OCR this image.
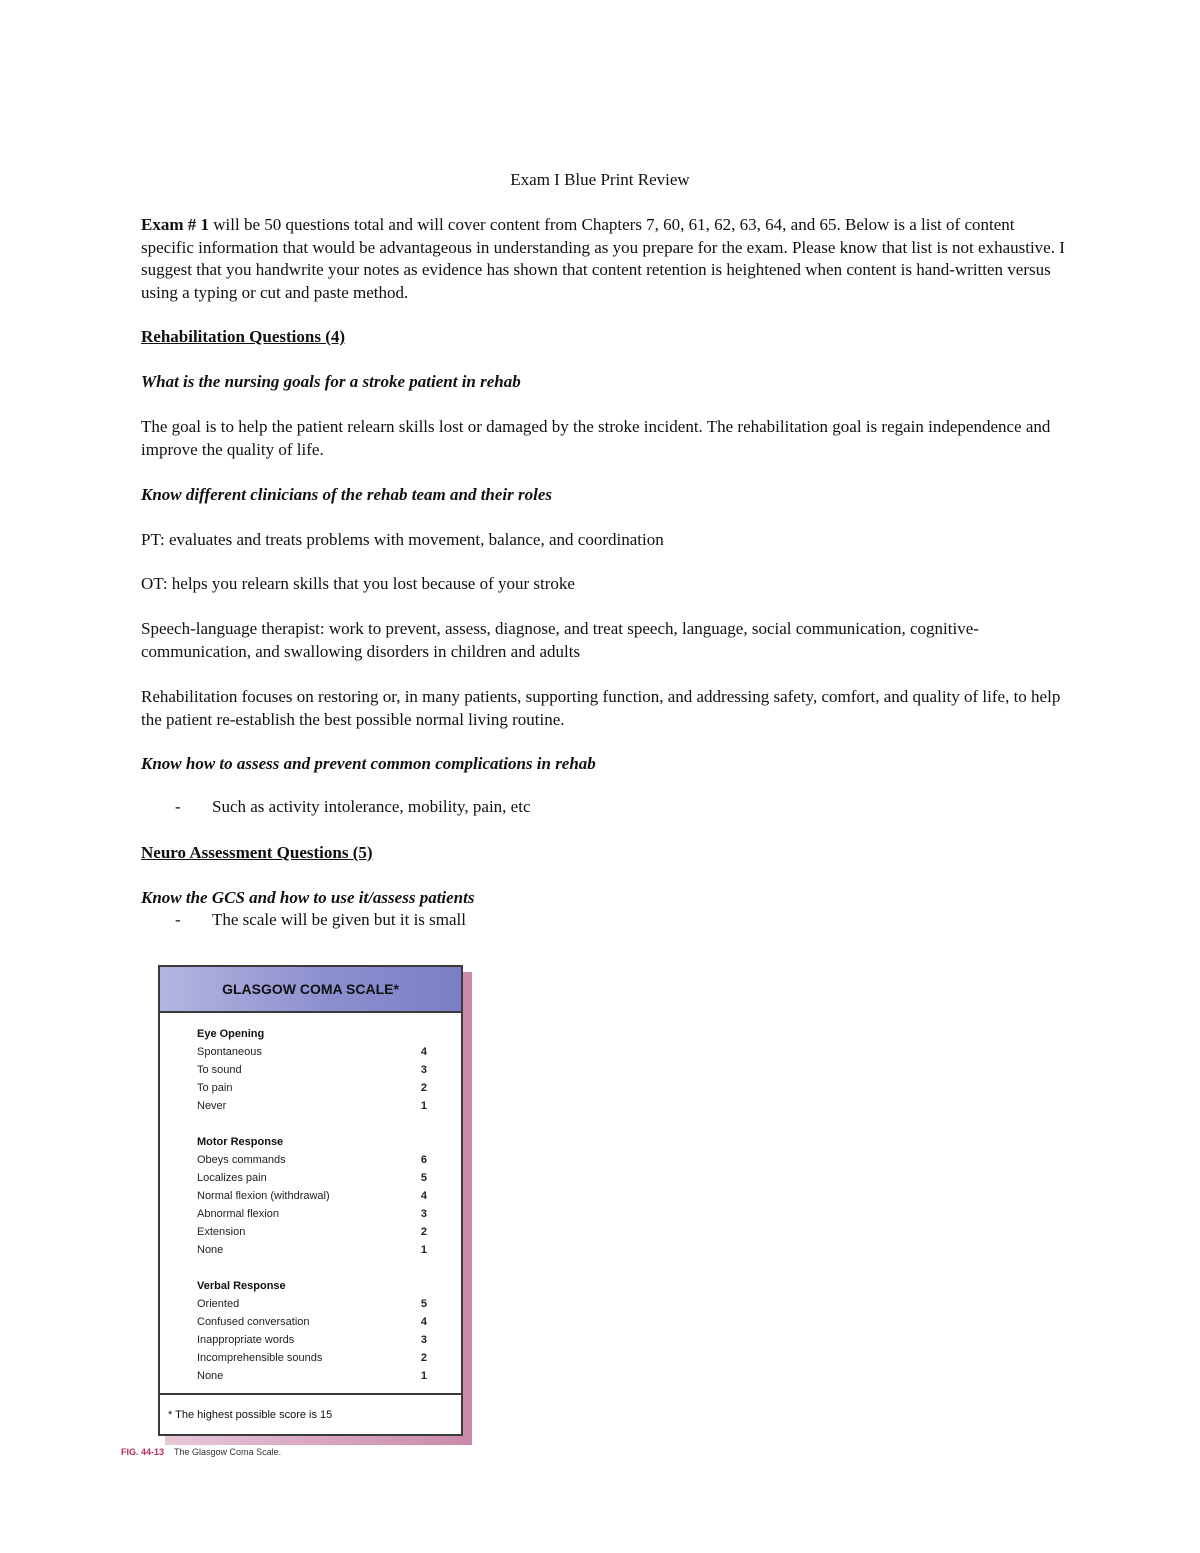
Exam I Blue Print Review
Exam # 1 will be 50 questions total and will cover content from Chapters 7, 60, 61, 62, 63, 64, and 65. Below is a list of content specific information that would be advantageous in understanding as you prepare for the exam. Please know that list is not exhaustive. I suggest that you handwrite your notes as evidence has shown that content retention is heightened when content is hand-written versus using a typing or cut and paste method.
Rehabilitation Questions (4)
What is the nursing goals for a stroke patient in rehab
The goal is to help the patient relearn skills lost or damaged by the stroke incident. The rehabilitation goal is regain independence and improve the quality of life.
Know different clinicians of the rehab team and their roles
PT: evaluates and treats problems with movement, balance, and coordination
OT: helps you relearn skills that you lost because of your stroke
Speech-language therapist: work to prevent, assess, diagnose, and treat speech, language, social communication, cognitive-communication, and swallowing disorders in children and adults
Rehabilitation focuses on restoring or, in many patients, supporting function, and addressing safety, comfort, and quality of life, to help the patient re-establish the best possible normal living routine.
Know how to assess and prevent common complications in rehab
- Such as activity intolerance, mobility, pain, etc
Neuro Assessment Questions (5)
Know the GCS and how to use it/assess patients
- The scale will be given but it is small
GLASGOW COMA SCALE*
Eye Opening
Spontaneous	4
To sound	3
To pain	2
Never	1
Motor Response
Obeys commands	6
Localizes pain	5
Normal flexion (withdrawal)	4
Abnormal flexion	3
Extension	2
None	1
Verbal Response
Oriented	5
Confused conversation	4
Inappropriate words	3
Incomprehensible sounds	2
None	1
* The highest possible score is 15
FIG. 44-13 The Glasgow Coma Scale.
